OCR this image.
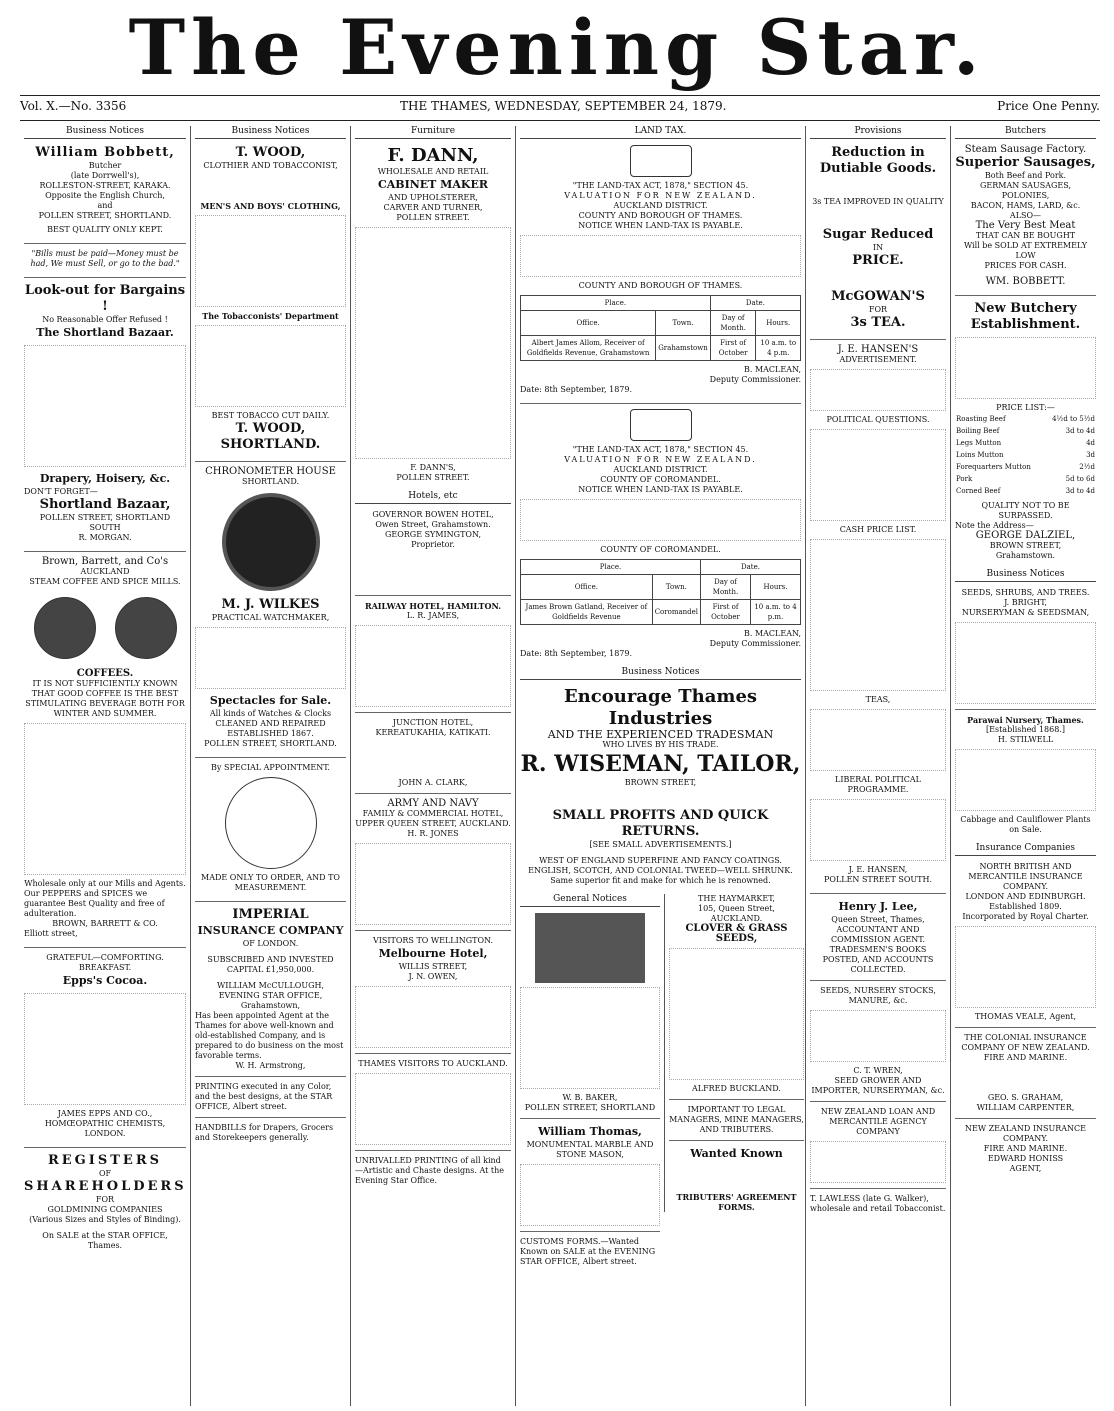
The Evening Star.
Vol. X.—No. 3356	THE THAMES, WEDNESDAY, SEPTEMBER 24, 1879.	Price One Penny.
Business Notices
William Bobbett,
Butcher
(late Dorrwell's),
ROLLESTON-STREET, KARAKA.
Opposite the English Church,
and
POLLEN STREET, SHORTLAND.
BEST QUALITY ONLY KEPT.
"Bills must be paid—Money must be had, We must Sell, or go to the bad."
Look-out for Bargains !
No Reasonable Offer Refused !
The Shortland Bazaar.
Drapery, Hoisery, &c.
DON'T FORGET—
Shortland Bazaar,
POLLEN STREET, SHORTLAND SOUTH
R. MORGAN.
Brown, Barrett, and Co's
AUCKLAND
STEAM COFFEE AND SPICE MILLS.
COFFEES.
IT IS NOT SUFFICIENTLY KNOWN THAT GOOD COFFEE IS THE BEST STIMULATING BEVERAGE BOTH FOR WINTER AND SUMMER.
Wholesale only at our Mills and Agents.
Our PEPPERS and SPICES we guarantee Best Quality and free of adulteration.
BROWN, BARRETT & CO.
Elliott street,
GRATEFUL—COMFORTING.
BREAKFAST.
Epps's Cocoa.
JAMES EPPS AND CO., HOMŒOPATHIC CHEMISTS, LONDON.
REGISTERS
OF
SHAREHOLDERS
FOR
GOLDMINING COMPANIES
(Various Sizes and Styles of Binding).
On SALE at the STAR OFFICE, Thames.
Business Notices
T. WOOD,
CLOTHIER AND TOBACCONIST,
MEN'S AND BOYS' CLOTHING,
The Tobacconists' Department
BEST TOBACCO CUT DAILY.
T. WOOD, SHORTLAND.
CHRONOMETER HOUSE
SHORTLAND.
M. J. WILKES
PRACTICAL WATCHMAKER,
Spectacles for Sale.
All kinds of Watches & Clocks
CLEANED AND REPAIRED
ESTABLISHED 1867.
POLLEN STREET, SHORTLAND.
By SPECIAL APPOINTMENT.
MADE ONLY TO ORDER, AND TO MEASUREMENT.
IMPERIAL
INSURANCE COMPANY
OF LONDON.
SUBSCRIBED AND INVESTED
CAPITAL £1,950,000.
WILLIAM McCULLOUGH,
EVENING STAR OFFICE,
Grahamstown,
Has been appointed Agent at the Thames for above well-known and old-established Company, and is prepared to do business on the most favorable terms.
W. H. Armstrong,
PRINTING executed in any Color, and the best designs, at the STAR OFFICE, Albert street.
HANDBILLS for Drapers, Grocers and Storekeepers generally.
Furniture
F. DANN,
WHOLESALE AND RETAIL
CABINET MAKER
AND UPHOLSTERER,
CARVER AND TURNER,
POLLEN STREET.
F. DANN'S,
POLLEN STREET.
Hotels, etc
GOVERNOR BOWEN HOTEL,
Owen Street, Grahamstown.
GEORGE SYMINGTON,
Proprietor.
RAILWAY HOTEL, HAMILTON.
L. R. JAMES,
JUNCTION HOTEL,
KEREATUKAHIA, KATIKATI.
JOHN A. CLARK,
ARMY AND NAVY
FAMILY & COMMERCIAL HOTEL,
UPPER QUEEN STREET, AUCKLAND.
H. R. JONES
VISITORS TO WELLINGTON.
Melbourne Hotel,
WILLIS STREET,
J. N. OWEN,
THAMES VISITORS TO AUCKLAND.
UNRIVALLED PRINTING of all kind —Artistic and Chaste designs. At the Evening Star Office.
LAND TAX.
"THE LAND-TAX ACT, 1878," SECTION 45.
VALUATION FOR NEW ZEALAND.
AUCKLAND DISTRICT.
COUNTY AND BOROUGH OF THAMES.
NOTICE WHEN LAND-TAX IS PAYABLE.
COUNTY AND BOROUGH OF THAMES.
Place.		Date.	
Office.	Town.	Day of Month.	Hours.
Albert James Allom, Receiver of Goldfields Revenue, Grahamstown	Grahamstown	First of October	10 a.m. to 4 p.m.
B. MACLEAN,
Deputy Commissioner.
Date: 8th September, 1879.
"THE LAND-TAX ACT, 1878," SECTION 45.
VALUATION FOR NEW ZEALAND.
AUCKLAND DISTRICT.
COUNTY OF COROMANDEL.
NOTICE WHEN LAND-TAX IS PAYABLE.
COUNTY OF COROMANDEL.
Place.		Date.	
Office.	Town.	Day of Month.	Hours.
James Brown Gatland, Receiver of Goldfields Revenue	Coromandel	First of October	10 a.m. to 4 p.m.
B. MACLEAN,
Deputy Commissioner.
Date: 8th September, 1879.
Business Notices
Encourage Thames Industries
AND THE EXPERIENCED TRADESMAN
WHO LIVES BY HIS TRADE.
R. WISEMAN, TAILOR,
BROWN STREET,
SMALL PROFITS AND QUICK RETURNS.
[SEE SMALL ADVERTISEMENTS.]
WEST OF ENGLAND SUPERFINE AND FANCY COATINGS.
ENGLISH, SCOTCH, AND COLONIAL TWEED—WELL SHRUNK.
Same superior fit and make for which he is renowned.
General Notices
W. B. BAKER,
POLLEN STREET, SHORTLAND
William Thomas,
MONUMENTAL MARBLE AND STONE MASON,
CUSTOMS FORMS.—Wanted Known on SALE at the EVENING STAR OFFICE, Albert street.
THE HAYMARKET,
105, Queen Street,
AUCKLAND.
CLOVER & GRASS SEEDS,
ALFRED BUCKLAND.
IMPORTANT TO LEGAL MANAGERS, MINE MANAGERS, AND TRIBUTERS.
Wanted Known
TRIBUTERS' AGREEMENT FORMS.
Provisions
Reduction in Dutiable Goods.
3s TEA IMPROVED IN QUALITY
Sugar Reduced
IN
PRICE.
McGOWAN'S
FOR
3s TEA.
J. E. HANSEN'S
ADVERTISEMENT.
POLITICAL QUESTIONS.
CASH PRICE LIST.
TEAS,
LIBERAL POLITICAL PROGRAMME.
J. E. HANSEN,
POLLEN STREET SOUTH.
Henry J. Lee,
Queen Street, Thames,
ACCOUNTANT AND COMMISSION AGENT.
TRADESMEN'S BOOKS POSTED, AND ACCOUNTS COLLECTED.
SEEDS, NURSERY STOCKS, MANURE, &c.
C. T. WREN,
SEED GROWER AND IMPORTER, NURSERYMAN, &c.
NEW ZEALAND LOAN AND MERCANTILE AGENCY COMPANY
T. LAWLESS (late G. Walker), wholesale and retail Tobacconist.
Butchers
Steam Sausage Factory.
Superior Sausages,
Both Beef and Pork.
GERMAN SAUSAGES, POLONIES,
BACON, HAMS, LARD, &c.
ALSO—
The Very Best Meat
THAT CAN BE BOUGHT
Will be SOLD AT EXTREMELY LOW
PRICES FOR CASH.
WM. BOBBETT.
New Butchery Establishment.
PRICE LIST:—
Roasting Beef	4½d to 5½d
Boiling Beef	3d to 4d
Legs Mutton	4d
Loins Mutton	3d
Forequarters Mutton	2½d
Pork	5d to 6d
Corned Beef	3d to 4d
QUALITY NOT TO BE SURPASSED.
Note the Address—
GEORGE DALZIEL,
BROWN STREET,
Grahamstown.
Business Notices
SEEDS, SHRUBS, AND TREES.
J. BRIGHT,
NURSERYMAN & SEEDSMAN,
Parawai Nursery, Thames.
[Established 1868.]
H. STILWELL
Cabbage and Cauliflower Plants on Sale.
Insurance Companies
NORTH BRITISH AND MERCANTILE INSURANCE COMPANY.
LONDON AND EDINBURGH.
Established 1809.
Incorporated by Royal Charter.
THOMAS VEALE, Agent,
THE COLONIAL INSURANCE COMPANY OF NEW ZEALAND.
FIRE AND MARINE.
GEO. S. GRAHAM,
WILLIAM CARPENTER,
NEW ZEALAND INSURANCE COMPANY.
FIRE AND MARINE.
EDWARD HONISS
AGENT,
